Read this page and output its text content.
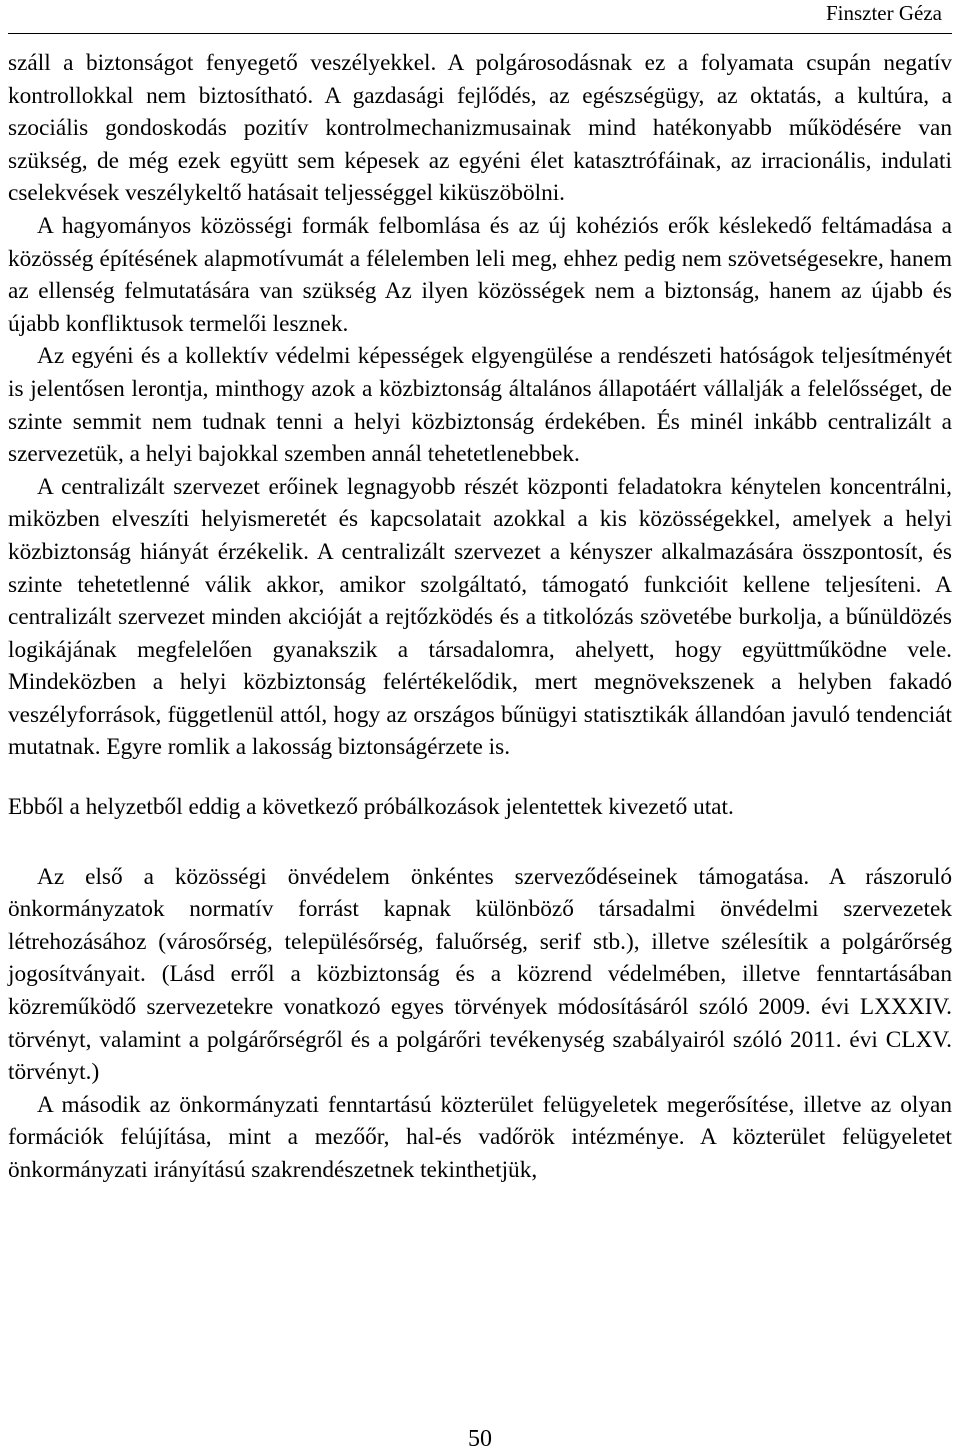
Finszter Géza

száll a biztonságot fenyegető veszélyekkel. A polgárosodásnak ez a folyamata csupán negatív kontrollokkal nem biztosítható. A gazdasági fejlődés, az egészségügy, az oktatás, a kultúra, a szociális gondoskodás pozitív kontrolmechanizmusainak mind hatékonyabb működésére van szükség, de még ezek együtt sem képesek az egyéni élet katasztrófáinak, az irracionális, indulati cselekvések veszélykeltő hatásait teljességgel kiküszöbölni.

A hagyományos közösségi formák felbomlása és az új kohéziós erők késlekedő feltámadása a közösség építésének alapmotívumát a félelemben leli meg, ehhez pedig nem szövetségesekre, hanem az ellenség felmutatására van szükség Az ilyen közösségek nem a biztonság, hanem az újabb és újabb konfliktusok termelői lesznek.

Az egyéni és a kollektív védelmi képességek elgyengülése a rendészeti hatóságok teljesítményét is jelentősen lerontja, minthogy azok a közbiztonság általános állapotáért vállalják a felelősséget, de szinte semmit nem tudnak tenni a helyi közbiztonság érdekében. És minél inkább centralizált a szervezetük, a helyi bajokkal szemben annál tehetetlenebbek.

A centralizált szervezet erőinek legnagyobb részét központi feladatokra kénytelen koncentrálni, miközben elveszíti helyismeretét és kapcsolatait azokkal a kis közösségekkel, amelyek a helyi közbiztonság hiányát érzékelik. A centralizált szervezet a kényszer alkalmazására összpontosít, és szinte tehetetlenné válik akkor, amikor szolgáltató, támogató funkcióit kellene teljesíteni. A centralizált szervezet minden akcióját a rejtőzködés és a titkolózás szövetébe burkolja, a bűnüldözés logikájának megfelelően gyanakszik a társadalomra, ahelyett, hogy együttműködne vele. Mindeközben a helyi közbiztonság felértékelődik, mert megnövekszenek a helyben fakadó veszélyforrások, függetlenül attól, hogy az országos bűnügyi statisztikák állandóan javuló tendenciát mutatnak. Egyre romlik a lakosság biztonságérzete is.

Ebből a helyzetből eddig a következő próbálkozások jelentettek kivezető utat.

Az első a közösségi önvédelem önkéntes szerveződéseinek támogatása. A rászoruló önkormányzatok normatív forrást kapnak különböző társadalmi önvédelmi szervezetek létrehozásához (városőrség, településőrség, faluőrség, serif stb.), illetve szélesítik a polgárőrség jogosítványait. (Lásd erről a közbiztonság és a közrend védelmében, illetve fenntartásában közreműködő szervezetekre vonatkozó egyes törvények módosításáról szóló 2009. évi LXXXIV. törvényt, valamint a polgárőrségről és a polgárőri tevékenység szabályairól szóló 2011. évi CLXV. törvényt.)

A második az önkormányzati fenntartású közterület felügyeletek megerősítése, illetve az olyan formációk felújítása, mint a mezőőr, hal-és vadőrök intézménye. A közterület felügyeletet önkormányzati irányítású szakrendészetnek tekinthetjük,

50
